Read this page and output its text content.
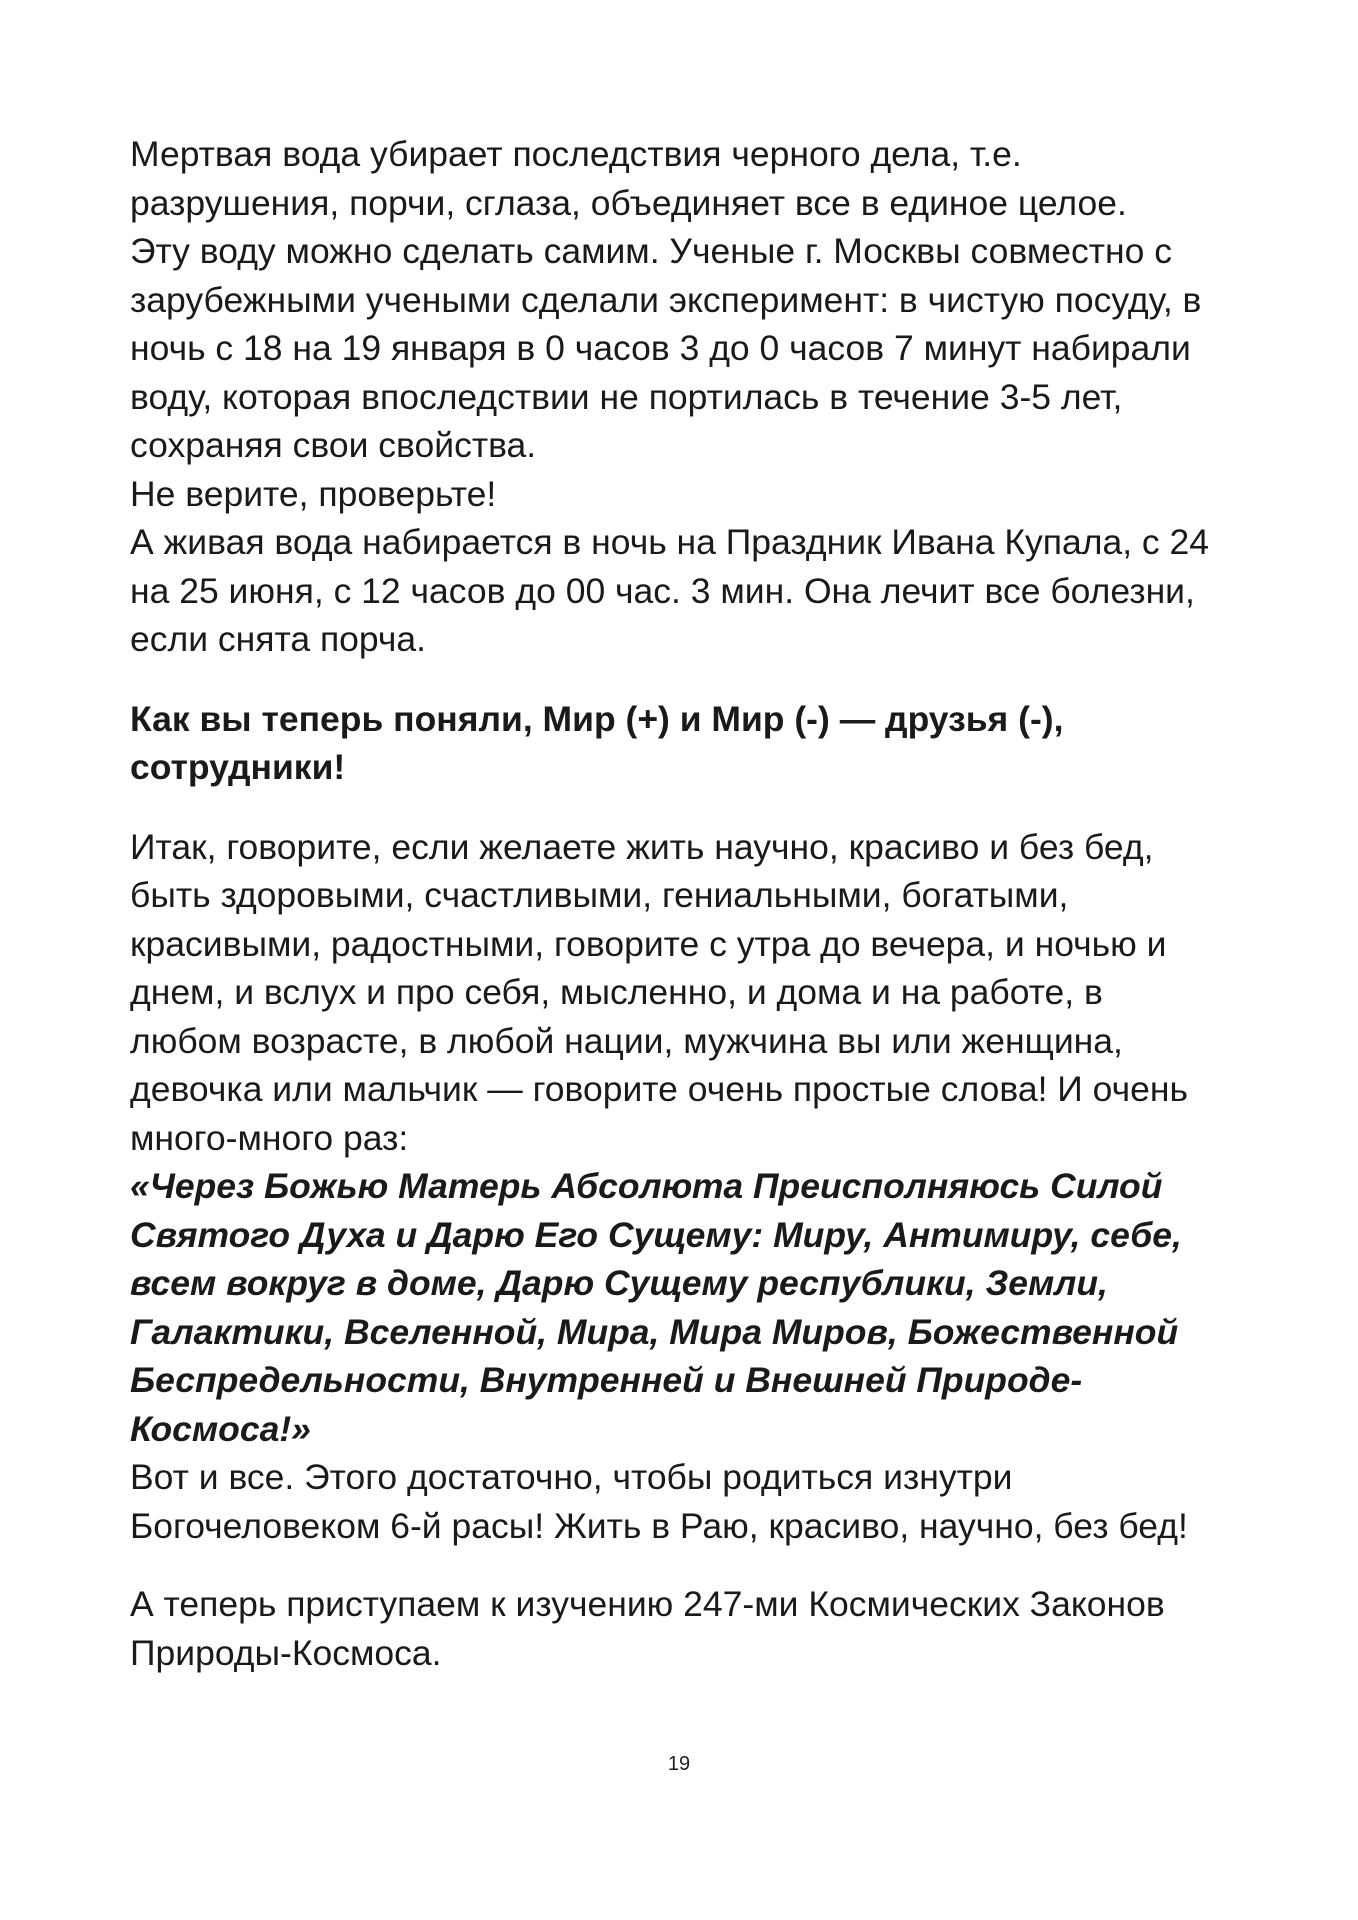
Мертвая вода убирает последствия черного дела, т.е.
разрушения, порчи, сглаза, объединяет все в единое целое.
Эту воду можно сделать самим. Ученые г. Москвы совместно с
зарубежными учеными сделали эксперимент: в чистую посуду, в
ночь с 18 на 19 января в 0 часов 3 до 0 часов 7 минут набирали
воду, которая впоследствии не портилась в течение 3-5 лет,
сохраняя свои свойства.
Не верите, проверьте!
А живая вода набирается в ночь на Праздник Ивана Купала, с 24
на 25 июня, с 12 часов до 00 час. 3 мин. Она лечит все болезни,
если снята порча.

Как вы теперь поняли, Мир (+) и Мир (-) — друзья (-),
сотрудники!

Итак, говорите, если желаете жить научно, красиво и без бед,
быть здоровыми, счастливыми, гениальными, богатыми,
красивыми, радостными, говорите с утра до вечера, и ночью и
днем, и вслух и про себя, мысленно, и дома и на работе, в
любом возрасте, в любой нации, мужчина вы или женщина,
девочка или мальчик — говорите очень простые слова! И очень
много-много раз:

«Через Божью Матерь Абсолюта Преисполняюсь Силой
Святого Духа и Дарю Его Сущему: Миру, Антимиру, себе,
всем вокруг в доме, Дарю Сущему республики, Земли,
Галактики, Вселенной, Мира, Мира Миров, Божественной
Беспредельности, Внутренней и Внешней Природе-
Космоса!»

Вот и все. Этого достаточно, чтобы родиться изнутри
Богочеловеком 6-й расы! Жить в Раю, красиво, научно, без бед!

А теперь приступаем к изучению 247-ми Космических Законов
Природы-Космоса.

19
